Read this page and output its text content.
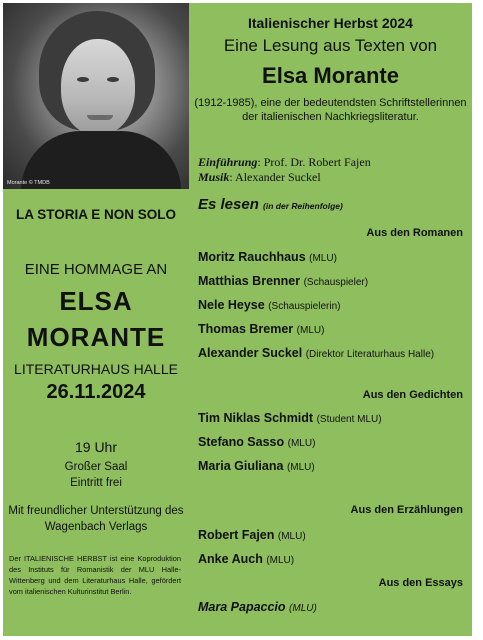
Morante © TMDB
LA STORIA E NON SOLO
EINE HOMMAGE AN
ELSA
MORANTE
LITERATURHAUS HALLE
26.11.2024
19 Uhr
Großer Saal
Eintritt frei
Mit freundlicher Unterstützung des Wagenbach Verlags
Der ITALIENISCHE HERBST ist eine Koproduktion des Instituts für Romanistik der MLU Halle-Wittenberg und dem Literaturhaus Halle, gefördert vom italienischen Kulturinstitut Berlin.
Italienischer Herbst 2024
Eine Lesung aus Texten von
Elsa Morante
(1912-1985), eine der bedeutendsten Schriftstellerinnen der italienischen Nachkriegsliteratur.
Einführung: Prof. Dr. Robert Fajen
Musik: Alexander Suckel
Es lesen (in der Reihenfolge)
Aus den Romanen
Moritz Rauchhaus (MLU)
Matthias Brenner (Schauspieler)
Nele Heyse (Schauspielerin)
Thomas Bremer (MLU)
Alexander Suckel (Direktor Literaturhaus Halle)
Aus den Gedichten
Tim Niklas Schmidt (Student MLU)
Stefano Sasso (MLU)
Maria Giuliana (MLU)
Aus den Erzählungen
Robert Fajen (MLU)
Anke Auch (MLU)
Aus den Essays
Mara Papaccio (MLU)
